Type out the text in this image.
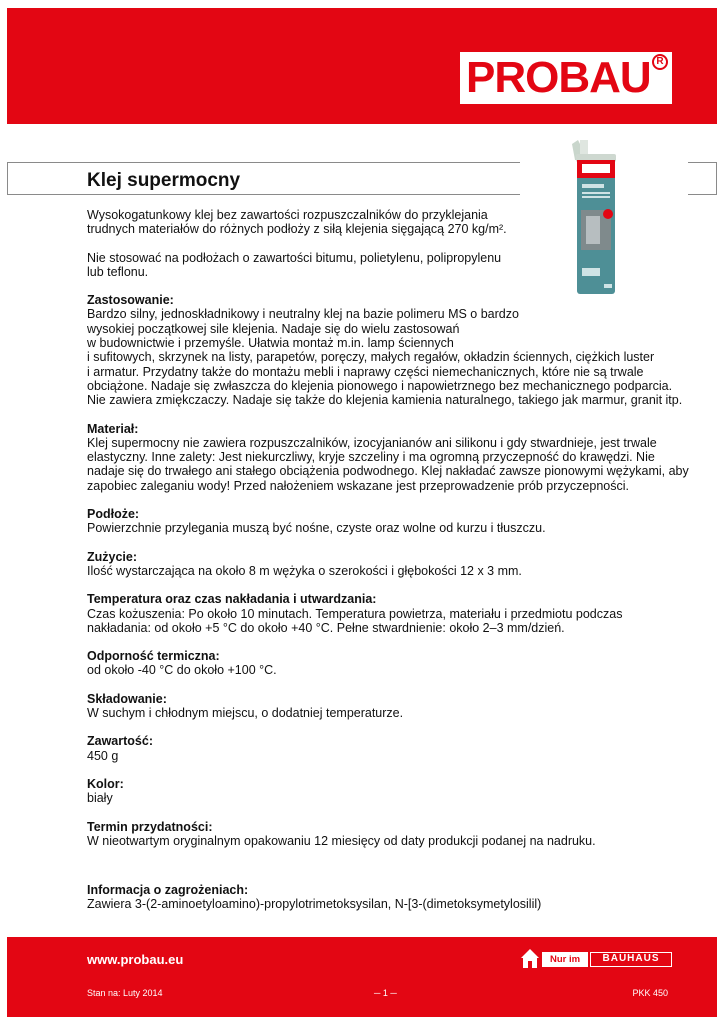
PROBAU R
Klej supermocny
Wysokogatunkowy klej bez zawartości rozpuszczalników do przyklejania
trudnych materiałów do różnych podłoży z siłą klejenia sięgającą 270 kg/m².
Nie stosować na podłożach o zawartości bitumu, polietylenu, polipropylenu
lub teflonu.
Zastosowanie:
Bardzo silny, jednoskładnikowy i neutralny klej na bazie polimeru MS o bardzo
wysokiej początkowej sile klejenia. Nadaje się do wielu zastosowań
w budownictwie i przemyśle. Ułatwia montaż m.in. lamp ściennych
i sufitowych, skrzynek na listy, parapetów, poręczy, małych regałów, okładzin ściennych, ciężkich luster
i armatur. Przydatny także do montażu mebli i naprawy części niemechanicznych, które nie są trwale
obciążone. Nadaje się zwłaszcza do klejenia pionowego i napowietrznego bez mechanicznego podparcia.
Nie zawiera zmiękczaczy. Nadaje się także do klejenia kamienia naturalnego, takiego jak marmur, granit itp.
Materiał:
Klej supermocny nie zawiera rozpuszczalników, izocyjanianów ani silikonu i gdy stwardnieje, jest trwale
elastyczny. Inne zalety: Jest niekurczliwy, kryje szczeliny i ma ogromną przyczepność do krawędzi. Nie
nadaje się do trwałego ani stałego obciążenia podwodnego. Klej nakładać zawsze pionowymi wężykami, aby
zapobiec zaleganiu wody! Przed nałożeniem wskazane jest przeprowadzenie prób przyczepności.
Podłoże:
Powierzchnie przylegania muszą być nośne, czyste oraz wolne od kurzu i tłuszczu.
Zużycie:
Ilość wystarczająca na około 8 m wężyka o szerokości i głębokości 12 x 3 mm.
Temperatura oraz czas nakładania i utwardzania:
Czas kożuszenia: Po około 10 minutach. Temperatura powietrza, materiału i przedmiotu podczas
nakładania: od około +5 °C do około +40 °C. Pełne stwardnienie: około 2–3 mm/dzień.
Odporność termiczna:
od około -40 °C do około +100 °C.
Składowanie:
W suchym i chłodnym miejscu, o dodatniej temperaturze.
Zawartość:
450 g
Kolor:
biały
Termin przydatności:
W nieotwartym oryginalnym opakowaniu 12 miesięcy od daty produkcji podanej na nadruku.
Informacja o zagrożeniach:
Zawiera 3-(2-aminoetyloamino)-propylotrimetoksysilan, N-[3-(dimetoksymetylosilil)
www.probau.eu	Nur im	BAUHAUS
Stan na: Luty 2014	─ 1 ─	PKK 450
